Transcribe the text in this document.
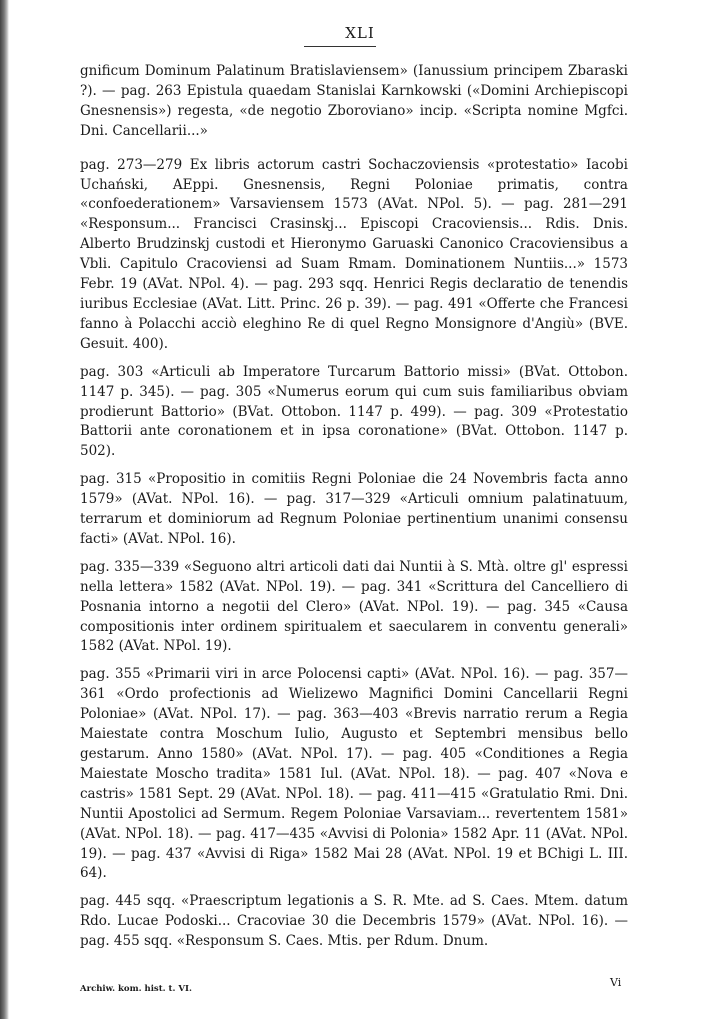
XLI

gnificum Dominum Palatinum Bratislaviensem» (Ianussium principem Zbaraski ?). — pag. 263 Epistula quaedam Stanislai Karnkowski («Domini Archiepiscopi Gnesnensis») regesta, «de negotio Zboroviano» incip. «Scripta nomine Mgfci. Dni. Cancellarii...»

pag. 273—279 Ex libris actorum castri Sochaczoviensis «protestatio» Iacobi Uchański, AEppi. Gnesnensis, Regni Poloniae primatis, contra «confoederationem» Varsaviensem 1573 (AVat. NPol. 5). — pag. 281—291 «Responsum... Francisci Crasinskj... Episcopi Cracoviensis... Rdis. Dnis. Alberto Brudzinskj custodi et Hieronymo Garuaski Canonico Cracoviensibus a Vbli. Capitulo Cracoviensi ad Suam Rmam. Dominationem Nuntiis...» 1573 Febr. 19 (AVat. NPol. 4). — pag. 293 sqq. Henrici Regis declaratio de tenendis iuribus Ecclesiae (AVat. Litt. Princ. 26 p. 39). — pag. 491 «Offerte che Francesi fanno à Polacchi acciò eleghino Re di quel Regno Monsignore d'Angiù» (BVE. Gesuit. 400).

pag. 303 «Articuli ab Imperatore Turcarum Battorio missi» (BVat. Ottobon. 1147 p. 345). — pag. 305 «Numerus eorum qui cum suis familiaribus obviam prodierunt Battorio» (BVat. Ottobon. 1147 p. 499). — pag. 309 «Protestatio Battorii ante coronationem et in ipsa coronatione» (BVat. Ottobon. 1147 p. 502).

pag. 315 «Propositio in comitiis Regni Poloniae die 24 Novembris facta anno 1579» (AVat. NPol. 16). — pag. 317—329 «Articuli omnium palatinatuum, terrarum et dominiorum ad Regnum Poloniae pertinentium unanimi consensu facti» (AVat. NPol. 16).

pag. 335—339 «Seguono altri articoli dati dai Nuntii à S. Mtà. oltre gl' espressi nella lettera» 1582 (AVat. NPol. 19). — pag. 341 «Scrittura del Cancelliero di Posnania intorno a negotii del Clero» (AVat. NPol. 19). — pag. 345 «Causa compositionis inter ordinem spiritualem et saecularem in conventu generali» 1582 (AVat. NPol. 19).

pag. 355 «Primarii viri in arce Polocensi capti» (AVat. NPol. 16). — pag. 357—361 «Ordo profectionis ad Wielizewo Magnifici Domini Cancellarii Regni Poloniae» (AVat. NPol. 17). — pag. 363—403 «Brevis narratio rerum a Regia Maiestate contra Moschum Iulio, Augusto et Septembri mensibus bello gestarum. Anno 1580» (AVat. NPol. 17). — pag. 405 «Conditiones a Regia Maiestate Moscho tradita» 1581 Iul. (AVat. NPol. 18). — pag. 407 «Nova e castris» 1581 Sept. 29 (AVat. NPol. 18). — pag. 411—415 «Gratulatio Rmi. Dni. Nuntii Apostolici ad Sermum. Regem Poloniae Varsaviam... revertentem 1581» (AVat. NPol. 18). — pag. 417—435 «Avvisi di Polonia» 1582 Apr. 11 (AVat. NPol. 19). — pag. 437 «Avvisi di Riga» 1582 Mai 28 (AVat. NPol. 19 et BChigi L. III. 64).

pag. 445 sqq. «Praescriptum legationis a S. R. Mte. ad S. Caes. Mtem. datum Rdo. Lucae Podoski... Cracoviae 30 die Decembris 1579» (AVat. NPol. 16). — pag. 455 sqq. «Responsum S. Caes. Mtis. per Rdum. Dnum.

Archiw. kom. hist. t. VI.	Vi
